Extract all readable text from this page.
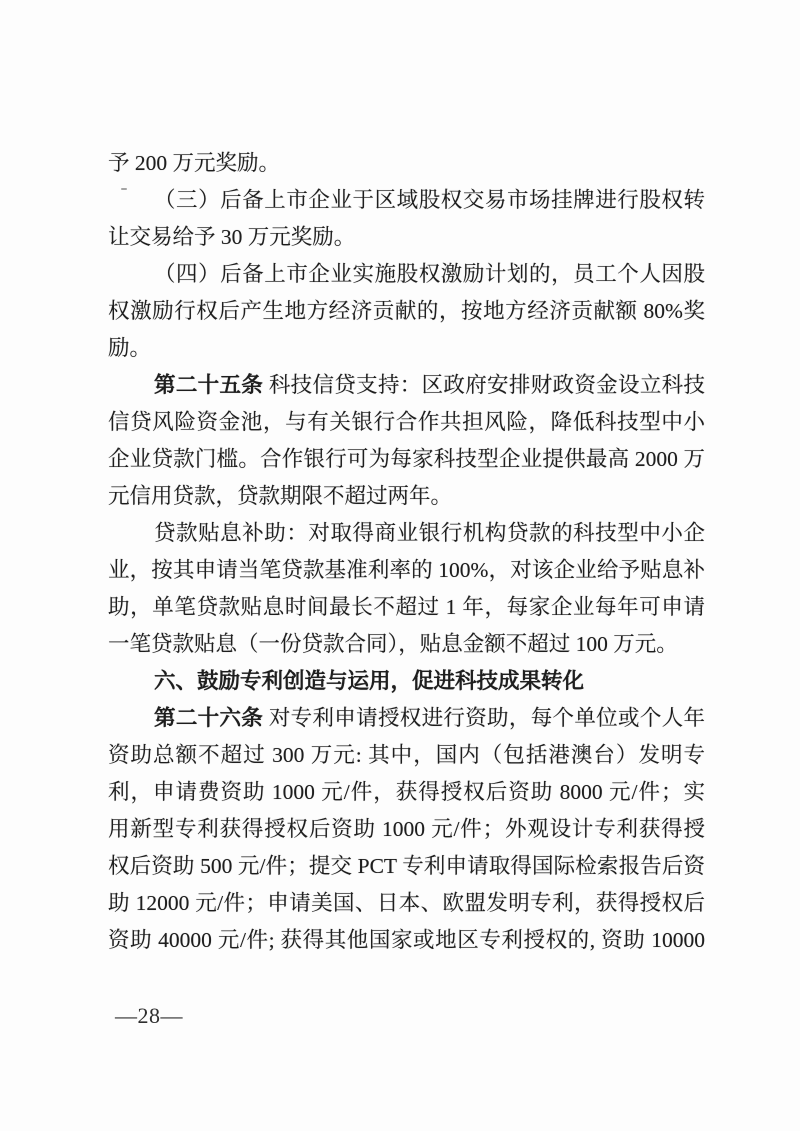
予 200 万元奖励。
（三）后备上市企业于区域股权交易市场挂牌进行股权转
让交易给予 30 万元奖励。
（四）后备上市企业实施股权激励计划的，员工个人因股
权激励行权后产生地方经济贡献的，按地方经济贡献额 80%奖
励。
第二十五条 科技信贷支持：区政府安排财政资金设立科技
信贷风险资金池，与有关银行合作共担风险，降低科技型中小
企业贷款门槛。合作银行可为每家科技型企业提供最高 2000 万
元信用贷款，贷款期限不超过两年。
贷款贴息补助：对取得商业银行机构贷款的科技型中小企
业，按其申请当笔贷款基准利率的 100%，对该企业给予贴息补
助，单笔贷款贴息时间最长不超过 1 年，每家企业每年可申请
一笔贷款贴息（一份贷款合同），贴息金额不超过 100 万元。
六、鼓励专利创造与运用，促进科技成果转化
第二十六条 对专利申请授权进行资助，每个单位或个人年
资助总额不超过 300 万元: 其中，国内（包括港澳台）发明专
利，申请费资助 1000 元/件，获得授权后资助 8000 元/件；实
用新型专利获得授权后资助 1000 元/件；外观设计专利获得授
权后资助 500 元/件；提交 PCT 专利申请取得国际检索报告后资
助 12000 元/件；申请美国、日本、欧盟发明专利，获得授权后
资助 40000 元/件; 获得其他国家或地区专利授权的, 资助 10000
—28—
